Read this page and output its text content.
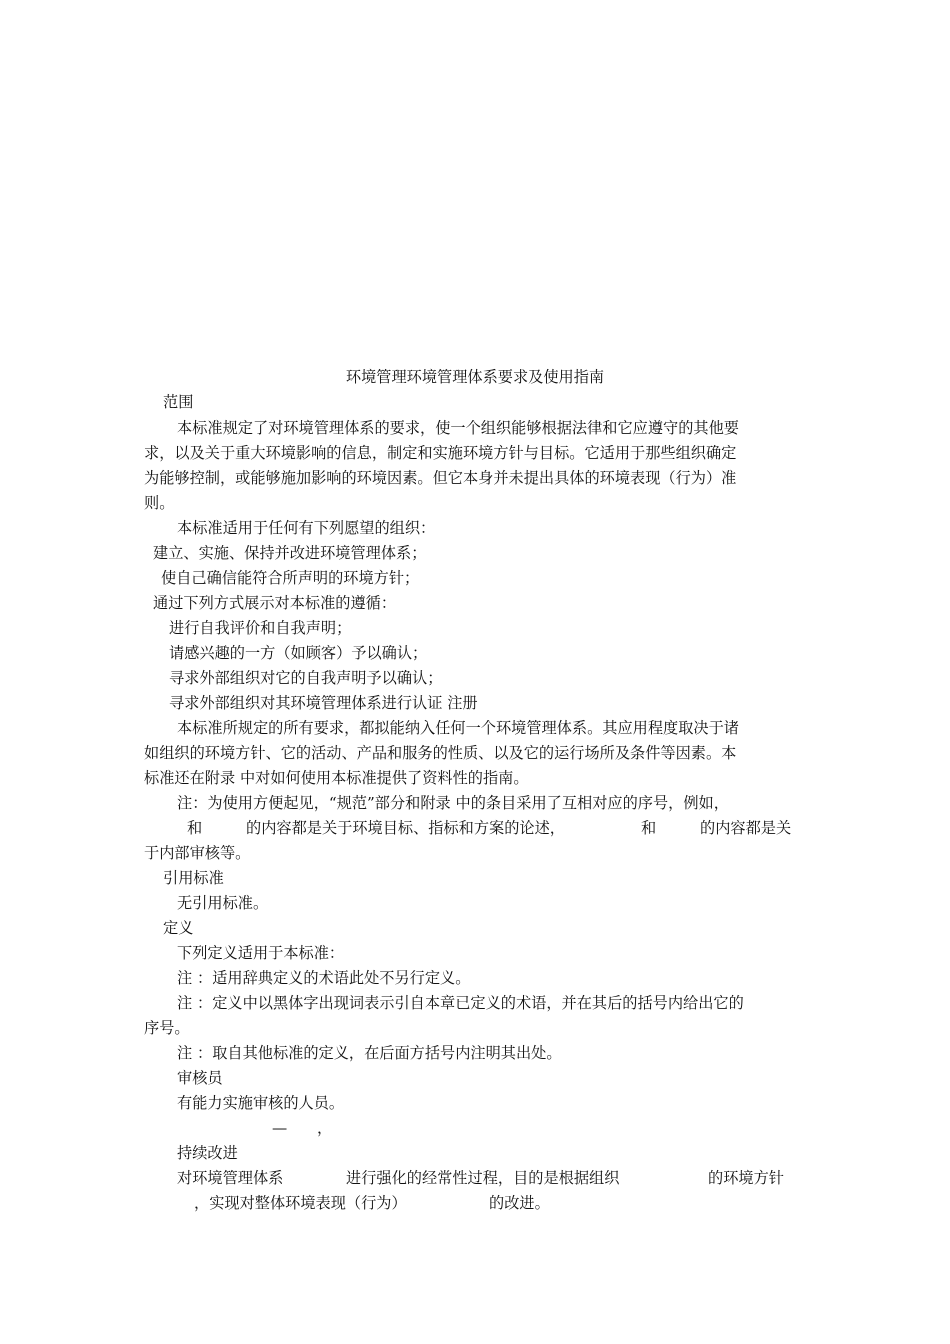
环境管理环境管理体系要求及使用指南
范围
本标准规定了对环境管理体系的要求，使一个组织能够根据法律和它应遵守的其他要
求，以及关于重大环境影响的信息，制定和实施环境方针与目标。它适用于那些组织确定
为能够控制，或能够施加影响的环境因素。但它本身并未提出具体的环境表现（行为）准
则。
本标准适用于任何有下列愿望的组织：
建立、实施、保持并改进环境管理体系；
使自己确信能符合所声明的环境方针；
通过下列方式展示对本标准的遵循：
进行自我评价和自我声明；
请感兴趣的一方（如顾客）予以确认；
寻求外部组织对它的自我声明予以确认；
寻求外部组织对其环境管理体系进行认证 注册
本标准所规定的所有要求，都拟能纳入任何一个环境管理体系。其应用程度取决于诸
如组织的环境方针、它的活动、产品和服务的性质、以及它的运行场所及条件等因素。本
标准还在附录 中对如何使用本标准提供了资料性的指南。
注：为使用方便起见，“规范”部分和附录 中的条目采用了互相对应的序号，例如，
和	的内容都是关于环境目标、指标和方案的论述，	和	的内容都是关
于内部审核等。
引用标准
无引用标准。
定义
下列定义适用于本标准：
注 ：适用辞典定义的术语此处不另行定义。
注 ：定义中以黑体字出现词表示引自本章已定义的术语，并在其后的括号内给出它的
序号。
注 ：取自其他标准的定义，在后面方括号内注明其出处。
审核员
有能力实施审核的人员。
— ，
持续改进
对环境管理体系	进行强化的经常性过程，目的是根据组织	的环境方针
，实现对整体环境表现（行为）	的改进。
